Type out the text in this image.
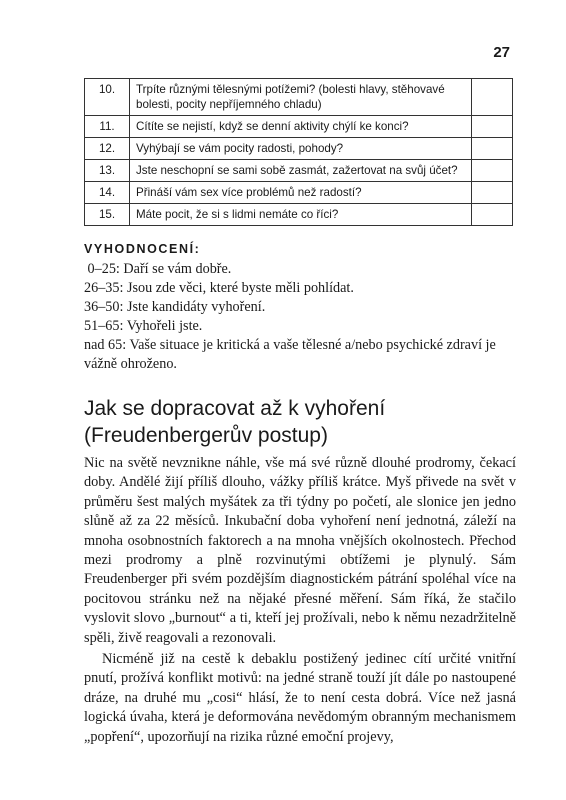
27
10.	Trpíte různými tělesnými potížemi? (bolesti hlavy, stěhovavé bolesti, pocity nepříjemného chladu)	
11.	Cítíte se nejistí, když se denní aktivity chýlí ke konci?	
12.	Vyhýbají se vám pocity radosti, pohody?	
13.	Jste neschopní se sami sobě zasmát, zažertovat na svůj účet?	
14.	Přináší vám sex více problémů než radostí?	
15.	Máte pocit, že si s lidmi nemáte co říci?	
VYHODNOCENÍ:
0–25: Daří se vám dobře.
26–35: Jsou zde věci, které byste měli pohlídat.
36–50: Jste kandidáty vyhoření.
51–65: Vyhořeli jste.
nad 65: Vaše situace je kritická a vaše tělesné a/nebo psychické zdraví je vážně ohroženo.
Jak se dopracovat až k vyhoření
(Freudenbergerův postup)

Nic na světě nevznikne náhle, vše má své různě dlouhé prodromy, čekací doby. Andělé žijí příliš dlouho, vážky příliš krátce. Myš přivede na svět v průměru šest malých myšátek za tři týdny po početí, ale slonice jen jedno slůně až za 22 měsíců. Inkubační doba vyhoření není jednotná, záleží na mnoha osobnostních faktorech a na mnoha vnějších okolnostech. Přechod mezi prodromy a plně rozvinutými obtížemi je plynulý. Sám Freudenberger při svém pozdějším diagnostickém pátrání spoléhal více na pocitovou stránku než na nějaké přesné měření. Sám říká, že stačilo vyslovit slovo „burnout“ a ti, kteří jej prožívali, nebo k němu nezadržitelně spěli, živě reagovali a rezonovali.

Nicméně již na cestě k debaklu postižený jedinec cítí určité vnitřní pnutí, prožívá konflikt motivů: na jedné straně touží jít dále po nastoupené dráze, na druhé mu „cosi“ hlásí, že to není cesta dobrá. Více než jasná logická úvaha, která je deformována nevědomým obranným mechanismem „popření“, upozorňují na rizika různé emoční projevy,
